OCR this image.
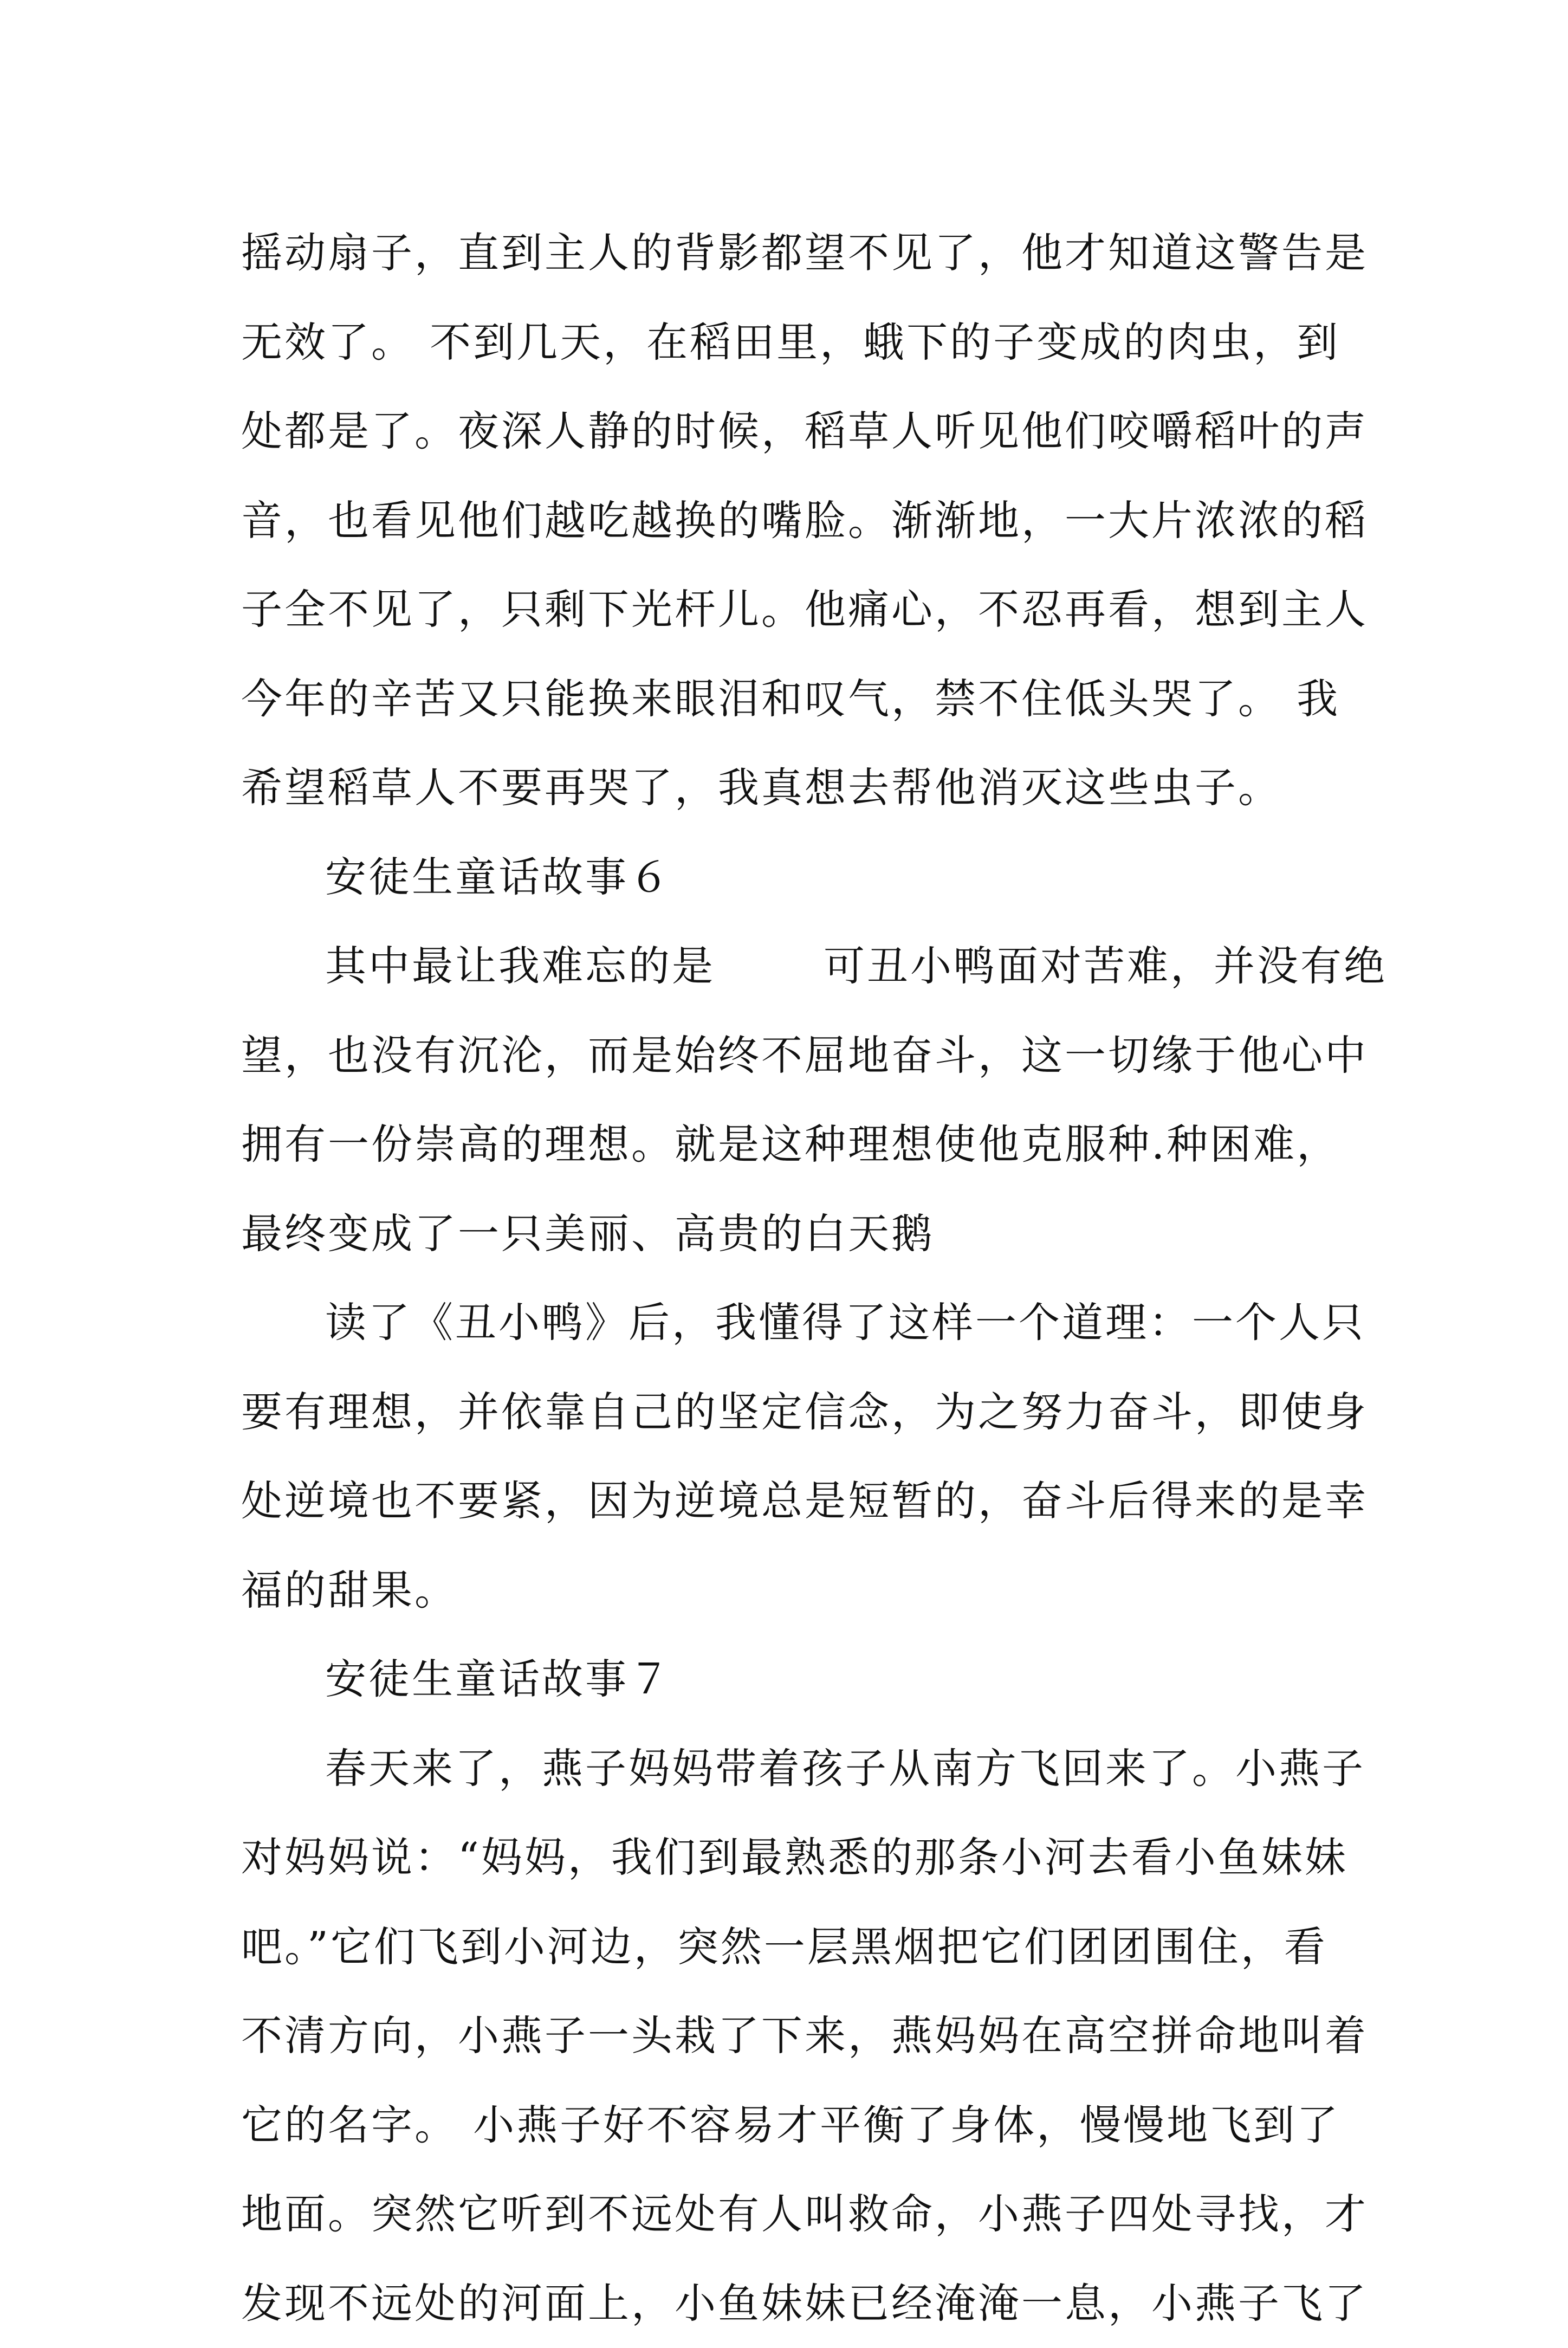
摇动扇子，直到主人的背影都望不见了，他才知道这警告是
无效了。 不到几天，在稻田里，蛾下的子变成的肉虫，到
处都是了。夜深人静的时候，稻草人听见他们咬嚼稻叶的声
音，也看见他们越吃越换的嘴脸。渐渐地，一大片浓浓的稻
子全不见了，只剩下光杆儿。他痛心，不忍再看，想到主人
今年的辛苦又只能换来眼泪和叹气，禁不住低头哭了。 我
希望稻草人不要再哭了，我真想去帮他消灭这些虫子。
安徒生童话故事６
其中最让我难忘的是	可丑小鸭面对苦难，并没有绝
望，也没有沉沦，而是始终不屈地奋斗，这一切缘于他心中
拥有一份崇高的理想。就是这种理想使他克服种.种困难，
最终变成了一只美丽、高贵的白天鹅
读了《丑小鸭》后，我懂得了这样一个道理：一个人只
要有理想，并依靠自己的坚定信念，为之努力奋斗，即使身
处逆境也不要紧，因为逆境总是短暂的，奋斗后得来的是幸
福的甜果。
安徒生童话故事７
春天来了，燕子妈妈带着孩子从南方飞回来了。小燕子
对妈妈说：“妈妈，我们到最熟悉的那条小河去看小鱼妹妹
吧。”它们飞到小河边，突然一层黑烟把它们团团围住，看
不清方向，小燕子一头栽了下来，燕妈妈在高空拼命地叫着
它的名字。 小燕子好不容易才平衡了身体，慢慢地飞到了
地面。突然它听到不远处有人叫救命，小燕子四处寻找，才
发现不远处的河面上，小鱼妹妹已经淹淹一息，小燕子飞了
